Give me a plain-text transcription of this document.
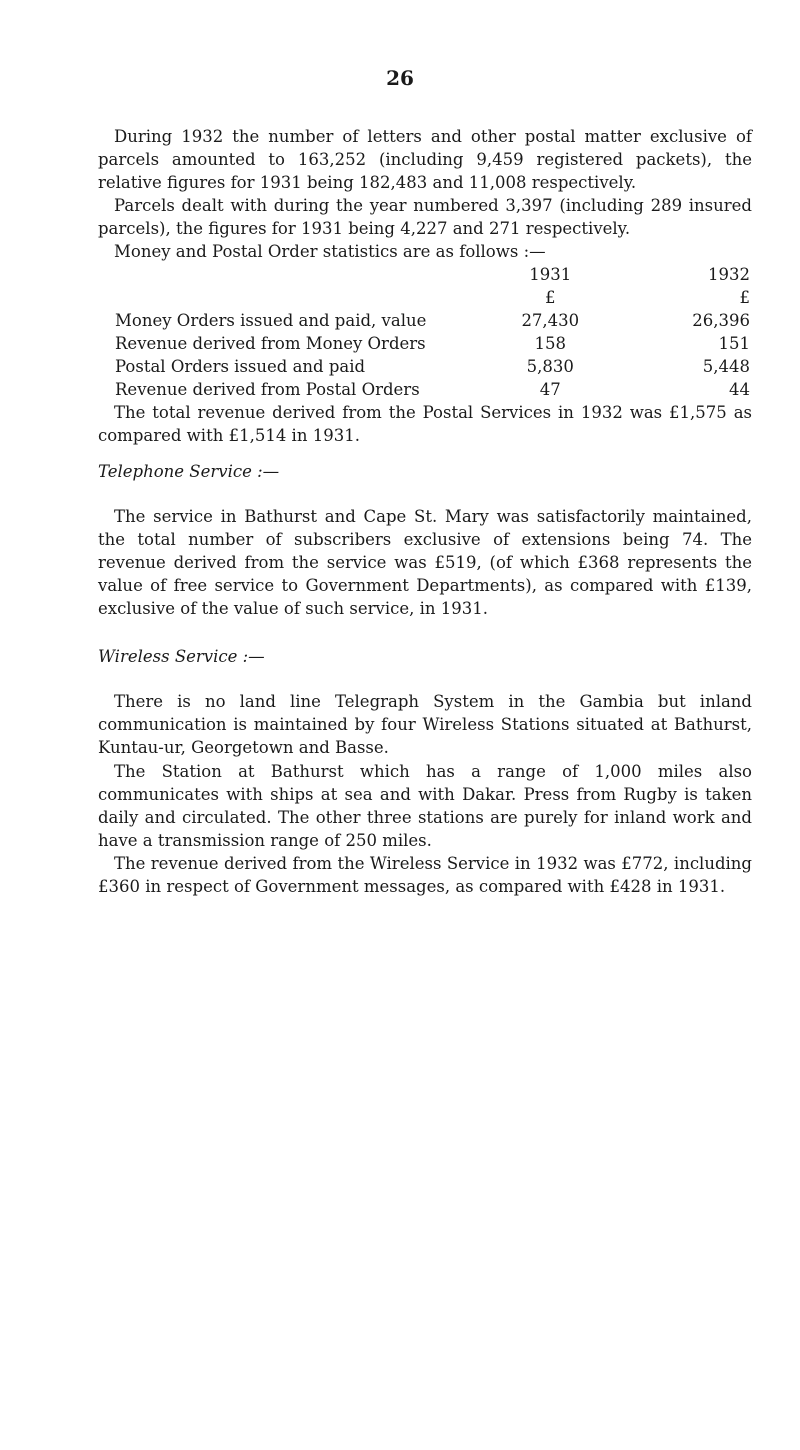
26

During 1932 the number of letters and other postal matter exclusive of parcels amounted to 163,252 (including 9,459 registered packets), the relative figures for 1931 being 182,483 and 11,008 respectively.

Parcels dealt with during the year numbered 3,397 (including 289 insured parcels), the figures for 1931 being 4,227 and 271 respectively.

Money and Postal Order statistics are as follows :—

	1931	1932
	£	£
Money Orders issued and paid, value	27,430	26,396
Revenue derived from Money Orders	158	151
Postal Orders issued and paid	5,830	5,448
Revenue derived from Postal Orders	47	44

The total revenue derived from the Postal Services in 1932 was £1,575 as compared with £1,514 in 1931.

Telephone Service :—

The service in Bathurst and Cape St. Mary was satisfactorily maintained, the total number of subscribers exclusive of extensions being 74. The revenue derived from the service was £519, (of which £368 represents the value of free service to Government Departments), as compared with £139, exclusive of the value of such service, in 1931.

Wireless Service :—

There is no land line Telegraph System in the Gambia but inland communication is maintained by four Wireless Stations situated at Bathurst, Kuntau-ur, Georgetown and Basse.

The Station at Bathurst which has a range of 1,000 miles also communicates with ships at sea and with Dakar. Press from Rugby is taken daily and circulated. The other three stations are purely for inland work and have a transmission range of 250 miles.

The revenue derived from the Wireless Service in 1932 was £772, including £360 in respect of Government messages, as compared with £428 in 1931.
